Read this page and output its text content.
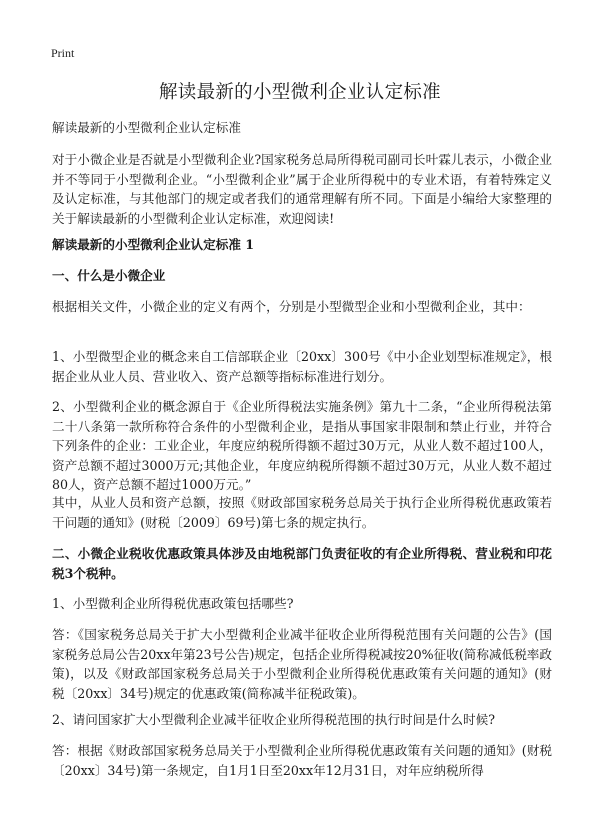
Print
解读最新的小型微利企业认定标准
解读最新的小型微利企业认定标准
对于小微企业是否就是小型微利企业?国家税务总局所得税司副司长叶霖儿表示，小微企业并不等同于小型微利企业。“小型微利企业”属于企业所得税中的专业术语，有着特殊定义及认定标准，与其他部门的规定或者我们的通常理解有所不同。下面是小编给大家整理的关于解读最新的小型微利企业认定标准，欢迎阅读!
解读最新的小型微利企业认定标准 1
一、什么是小微企业
根据相关文件，小微企业的定义有两个，分别是小型微型企业和小型微利企业，其中：
1、小型微型企业的概念来自工信部联企业〔20xx〕300号《中小企业划型标准规定》，根据企业从业人员、营业收入、资产总额等指标标准进行划分。
2、小型微利企业的概念源自于《企业所得税法实施条例》第九十二条，“企业所得税法第二十八条第一款所称符合条件的小型微利企业，是指从事国家非限制和禁止行业，并符合下列条件的企业：工业企业，年度应纳税所得额不超过30万元，从业人数不超过100人，资产总额不超过3000万元;其他企业，年度应纳税所得额不超过30万元，从业人数不超过80人，资产总额不超过1000万元。”
其中，从业人员和资产总额，按照《财政部国家税务总局关于执行企业所得税优惠政策若干问题的通知》(财税〔2009〕69号)第七条的规定执行。
二、小微企业税收优惠政策具体涉及由地税部门负责征收的有企业所得税、营业税和印花税3个税种。
1、小型微利企业所得税优惠政策包括哪些?
答：《国家税务总局关于扩大小型微利企业减半征收企业所得税范围有关问题的公告》(国家税务总局公告20xx年第23号公告)规定，包括企业所得税减按20%征收(简称减低税率政策)，以及《财政部国家税务总局关于小型微利企业所得税优惠政策有关问题的通知》(财税〔20xx〕34号)规定的优惠政策(简称减半征税政策)。
2、请问国家扩大小型微利企业减半征收企业所得税范围的执行时间是什么时候?
答：根据《财政部国家税务总局关于小型微利企业所得税优惠政策有关问题的通知》(财税〔20xx〕34号)第一条规定，自1月1日至20xx年12月31日，对年应纳税所得
